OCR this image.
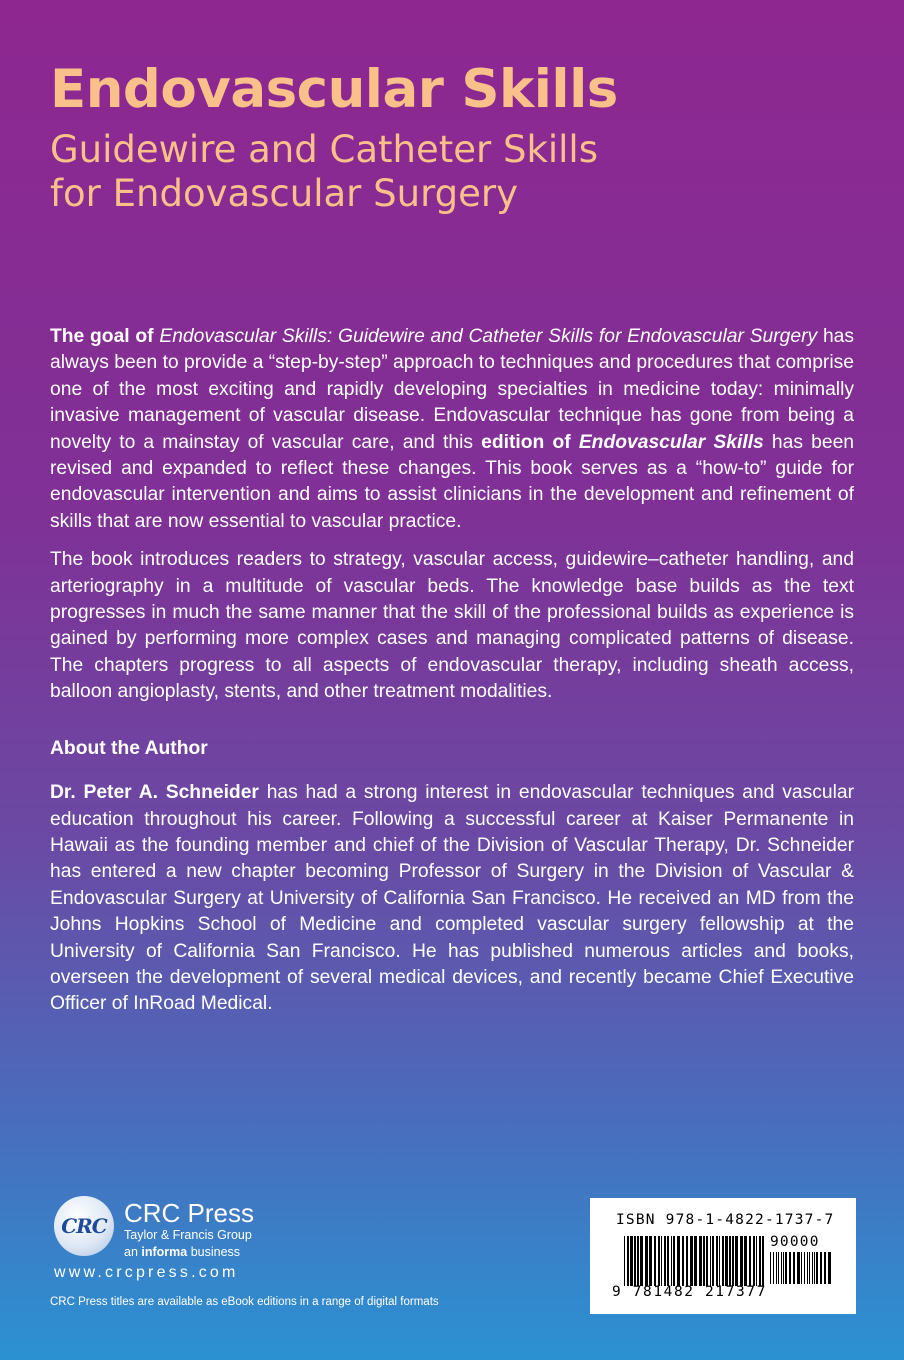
Endovascular Skills
Guidewire and Catheter Skills
for Endovascular Surgery

The goal of Endovascular Skills: Guidewire and Catheter Skills for Endovascular Surgery has always been to provide a “step-by-step” approach to techniques and procedures that comprise one of the most exciting and rapidly developing specialties in medicine today: minimally invasive management of vascular disease. Endovascular technique has gone from being a novelty to a mainstay of vascular care, and this edition of Endovascular Skills has been revised and expanded to reflect these changes. This book serves as a “how-to” guide for endovascular intervention and aims to assist clinicians in the development and refinement of skills that are now essential to vascular practice.

The book introduces readers to strategy, vascular access, guidewire–catheter handling, and arteriography in a multitude of vascular beds. The knowledge base builds as the text progresses in much the same manner that the skill of the professional builds as experience is gained by performing more complex cases and managing complicated patterns of disease. The chapters progress to all aspects of endovascular therapy, including sheath access, balloon angioplasty, stents, and other treatment modalities.

About the Author

Dr. Peter A. Schneider has had a strong interest in endovascular techniques and vascular education throughout his career. Following a successful career at Kaiser Permanente in Hawaii as the founding member and chief of the Division of Vascular Therapy, Dr. Schneider has entered a new chapter becoming Professor of Surgery in the Division of Vascular & Endovascular Surgery at University of California San Francisco. He received an MD from the Johns Hopkins School of Medicine and completed vascular surgery fellowship at the University of California San Francisco. He has published numerous articles and books, overseen the development of several medical devices, and recently became Chief Executive Officer of InRoad Medical.

CRC CRC Press
Taylor & Francis Group
an informa business
www.crcpress.com
CRC Press titles are available as eBook editions in a range of digital formats
ISBN 978-1-4822-1737-7
90000
9 781482 217377
